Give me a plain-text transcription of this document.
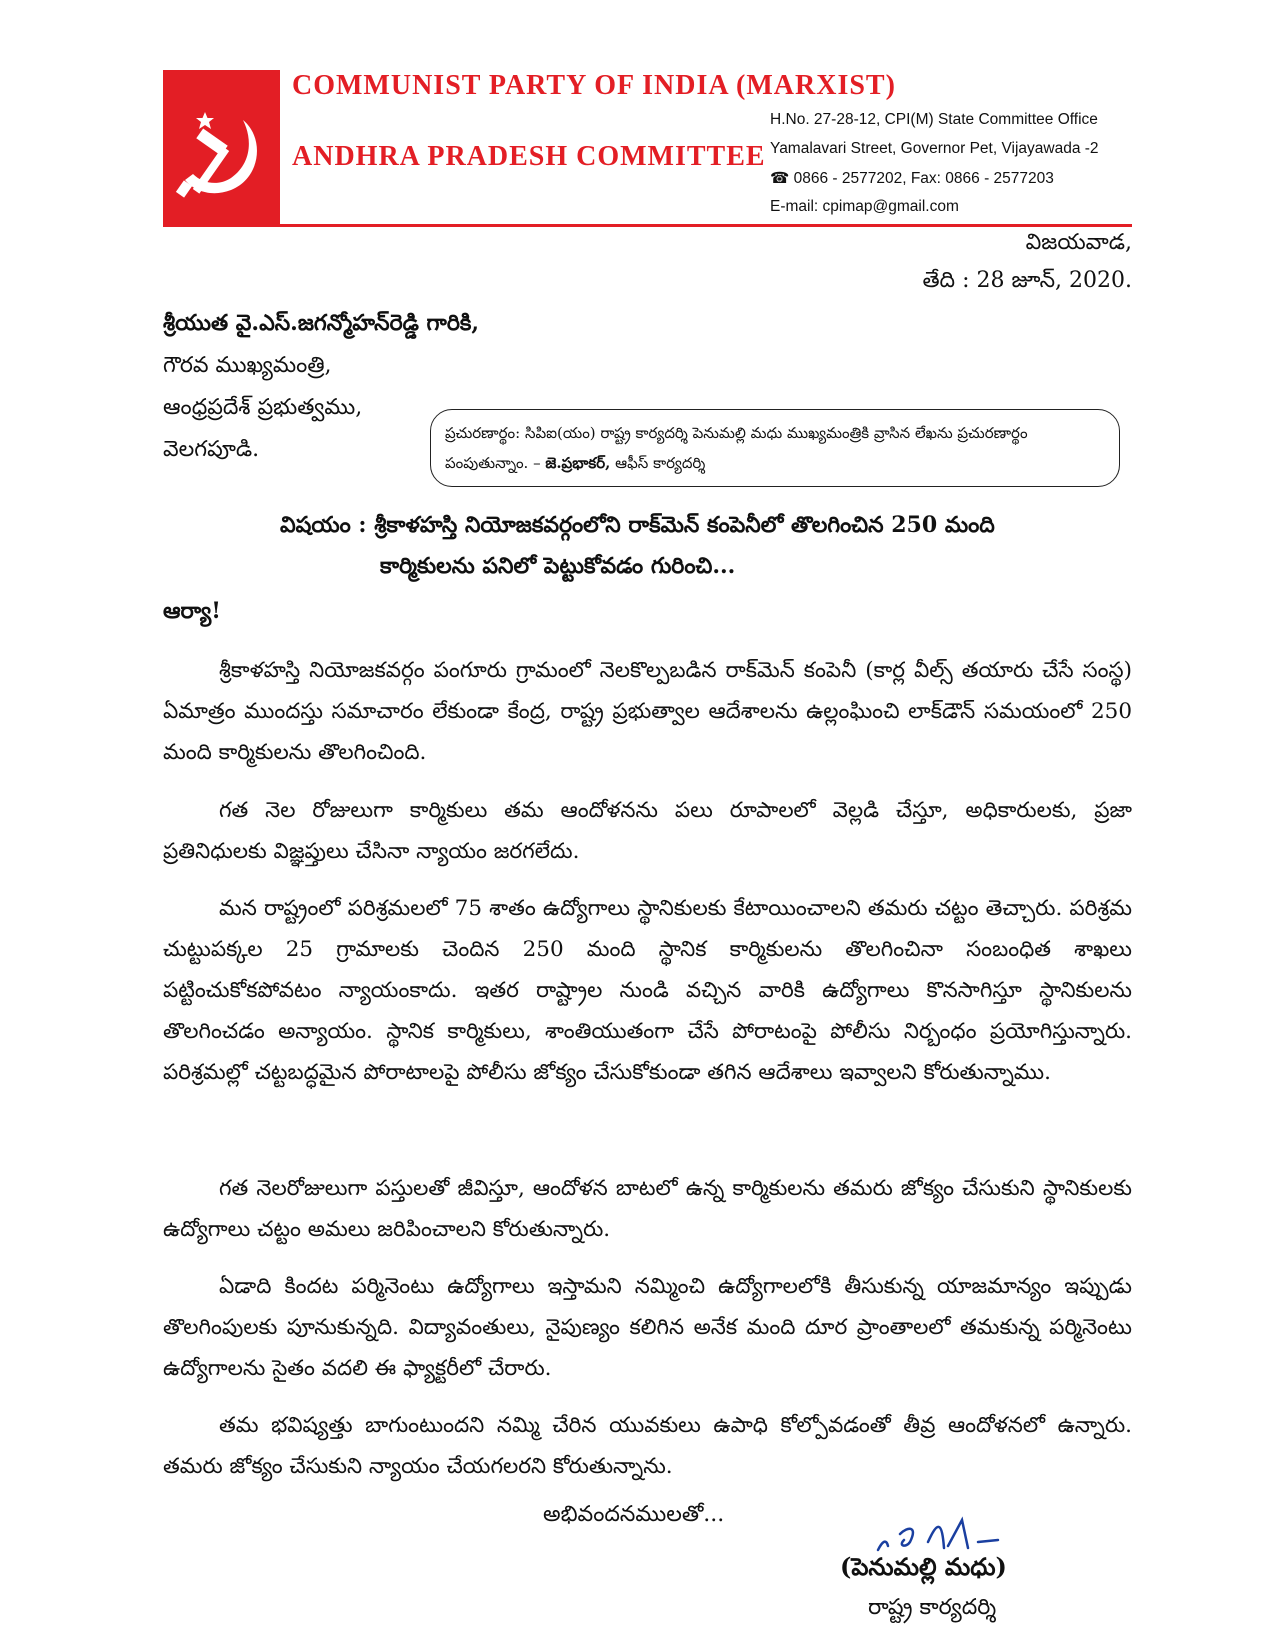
COMMUNIST PARTY OF INDIA (MARXIST)
ANDHRA PRADESH COMMITTEE
H.No. 27-28-12, CPI(M) State Committee Office
Yamalavari Street, Governor Pet, Vijayawada -2
☎ 0866 - 2577202, Fax: 0866 - 2577203
E-mail: cpimap@gmail.com
విజయవాడ,
తేది : 28 జూన్, 2020.
శ్రీయుత వై.ఎస్.జగన్మోహన్‌రెడ్డి గారికి,
గౌరవ ముఖ్యమంత్రి,
ఆంధ్రప్రదేశ్ ప్రభుత్వము,
వెలగపూడి.
ప్రచురణార్థం: సిపిఐ(యం) రాష్ట్ర కార్యదర్శి పెనుమల్లి మధు ముఖ్యమంత్రికి వ్రాసిన లేఖను ప్రచురణార్థం
పంపుతున్నాం. – జె.ప్రభాకర్, ఆఫీస్ కార్యదర్శి
విషయం : శ్రీకాళహస్తి నియోజకవర్గంలోని రాక్‌మెన్ కంపెనీలో తొలగించిన 250 మంది
కార్మికులను పనిలో పెట్టుకోవడం గురించి...
ఆర్యా!

శ్రీకాళహస్తి నియోజకవర్గం పంగూరు గ్రామంలో నెలకొల్పబడిన రాక్‌మెన్ కంపెనీ (కార్ల వీల్స్ తయారు చేసే సంస్థ) ఏమాత్రం ముందస్తు సమాచారం లేకుండా కేంద్ర, రాష్ట్ర ప్రభుత్వాల ఆదేశాలను ఉల్లంఘించి లాక్‌డౌన్ సమయంలో 250 మంది కార్మికులను తొలగించింది.

గత నెల రోజులుగా కార్మికులు తమ ఆందోళనను పలు రూపాలలో వెల్లడి చేస్తూ, అధికారులకు, ప్రజా ప్రతినిధులకు విజ్ఞప్తులు చేసినా న్యాయం జరగలేదు.

మన రాష్ట్రంలో పరిశ్రమలలో 75 శాతం ఉద్యోగాలు స్థానికులకు కేటాయించాలని తమరు చట్టం తెచ్చారు. పరిశ్రమ చుట్టుపక్కల 25 గ్రామాలకు చెందిన 250 మంది స్థానిక కార్మికులను తొలగించినా సంబంధిత శాఖలు పట్టించుకోకపోవటం న్యాయంకాదు. ఇతర రాష్ట్రాల నుండి వచ్చిన వారికి ఉద్యోగాలు కొనసాగిస్తూ స్థానికులను తొలగించడం అన్యాయం. స్థానిక కార్మికులు, శాంతియుతంగా చేసే పోరాటంపై పోలీసు నిర్బంధం ప్రయోగిస్తున్నారు. పరిశ్రమల్లో చట్టబద్ధమైన పోరాటాలపై పోలీసు జోక్యం చేసుకోకుండా తగిన ఆదేశాలు ఇవ్వాలని కోరుతున్నాము.

గత నెలరోజులుగా పస్తులతో జీవిస్తూ, ఆందోళన బాటలో ఉన్న కార్మికులను తమరు జోక్యం చేసుకుని స్థానికులకు ఉద్యోగాలు చట్టం అమలు జరిపించాలని కోరుతున్నారు.

ఏడాది కిందట పర్మినెంటు ఉద్యోగాలు ఇస్తామని నమ్మించి ఉద్యోగాలలోకి తీసుకున్న యాజమాన్యం ఇప్పుడు తొలగింపులకు పూనుకున్నది. విద్యావంతులు, నైపుణ్యం కలిగిన అనేక మంది దూర ప్రాంతాలలో తమకున్న పర్మినెంటు ఉద్యోగాలను సైతం వదలి ఈ ఫ్యాక్టరీలో చేరారు.

తమ భవిష్యత్తు బాగుంటుందని నమ్మి చేరిన యువకులు ఉపాధి కోల్పోవడంతో తీవ్ర ఆందోళనలో ఉన్నారు. తమరు జోక్యం చేసుకుని న్యాయం చేయగలరని కోరుతున్నాను.

అభివందనములతో...
(పెనుమల్లి మధు)
రాష్ట్ర కార్యదర్శి
